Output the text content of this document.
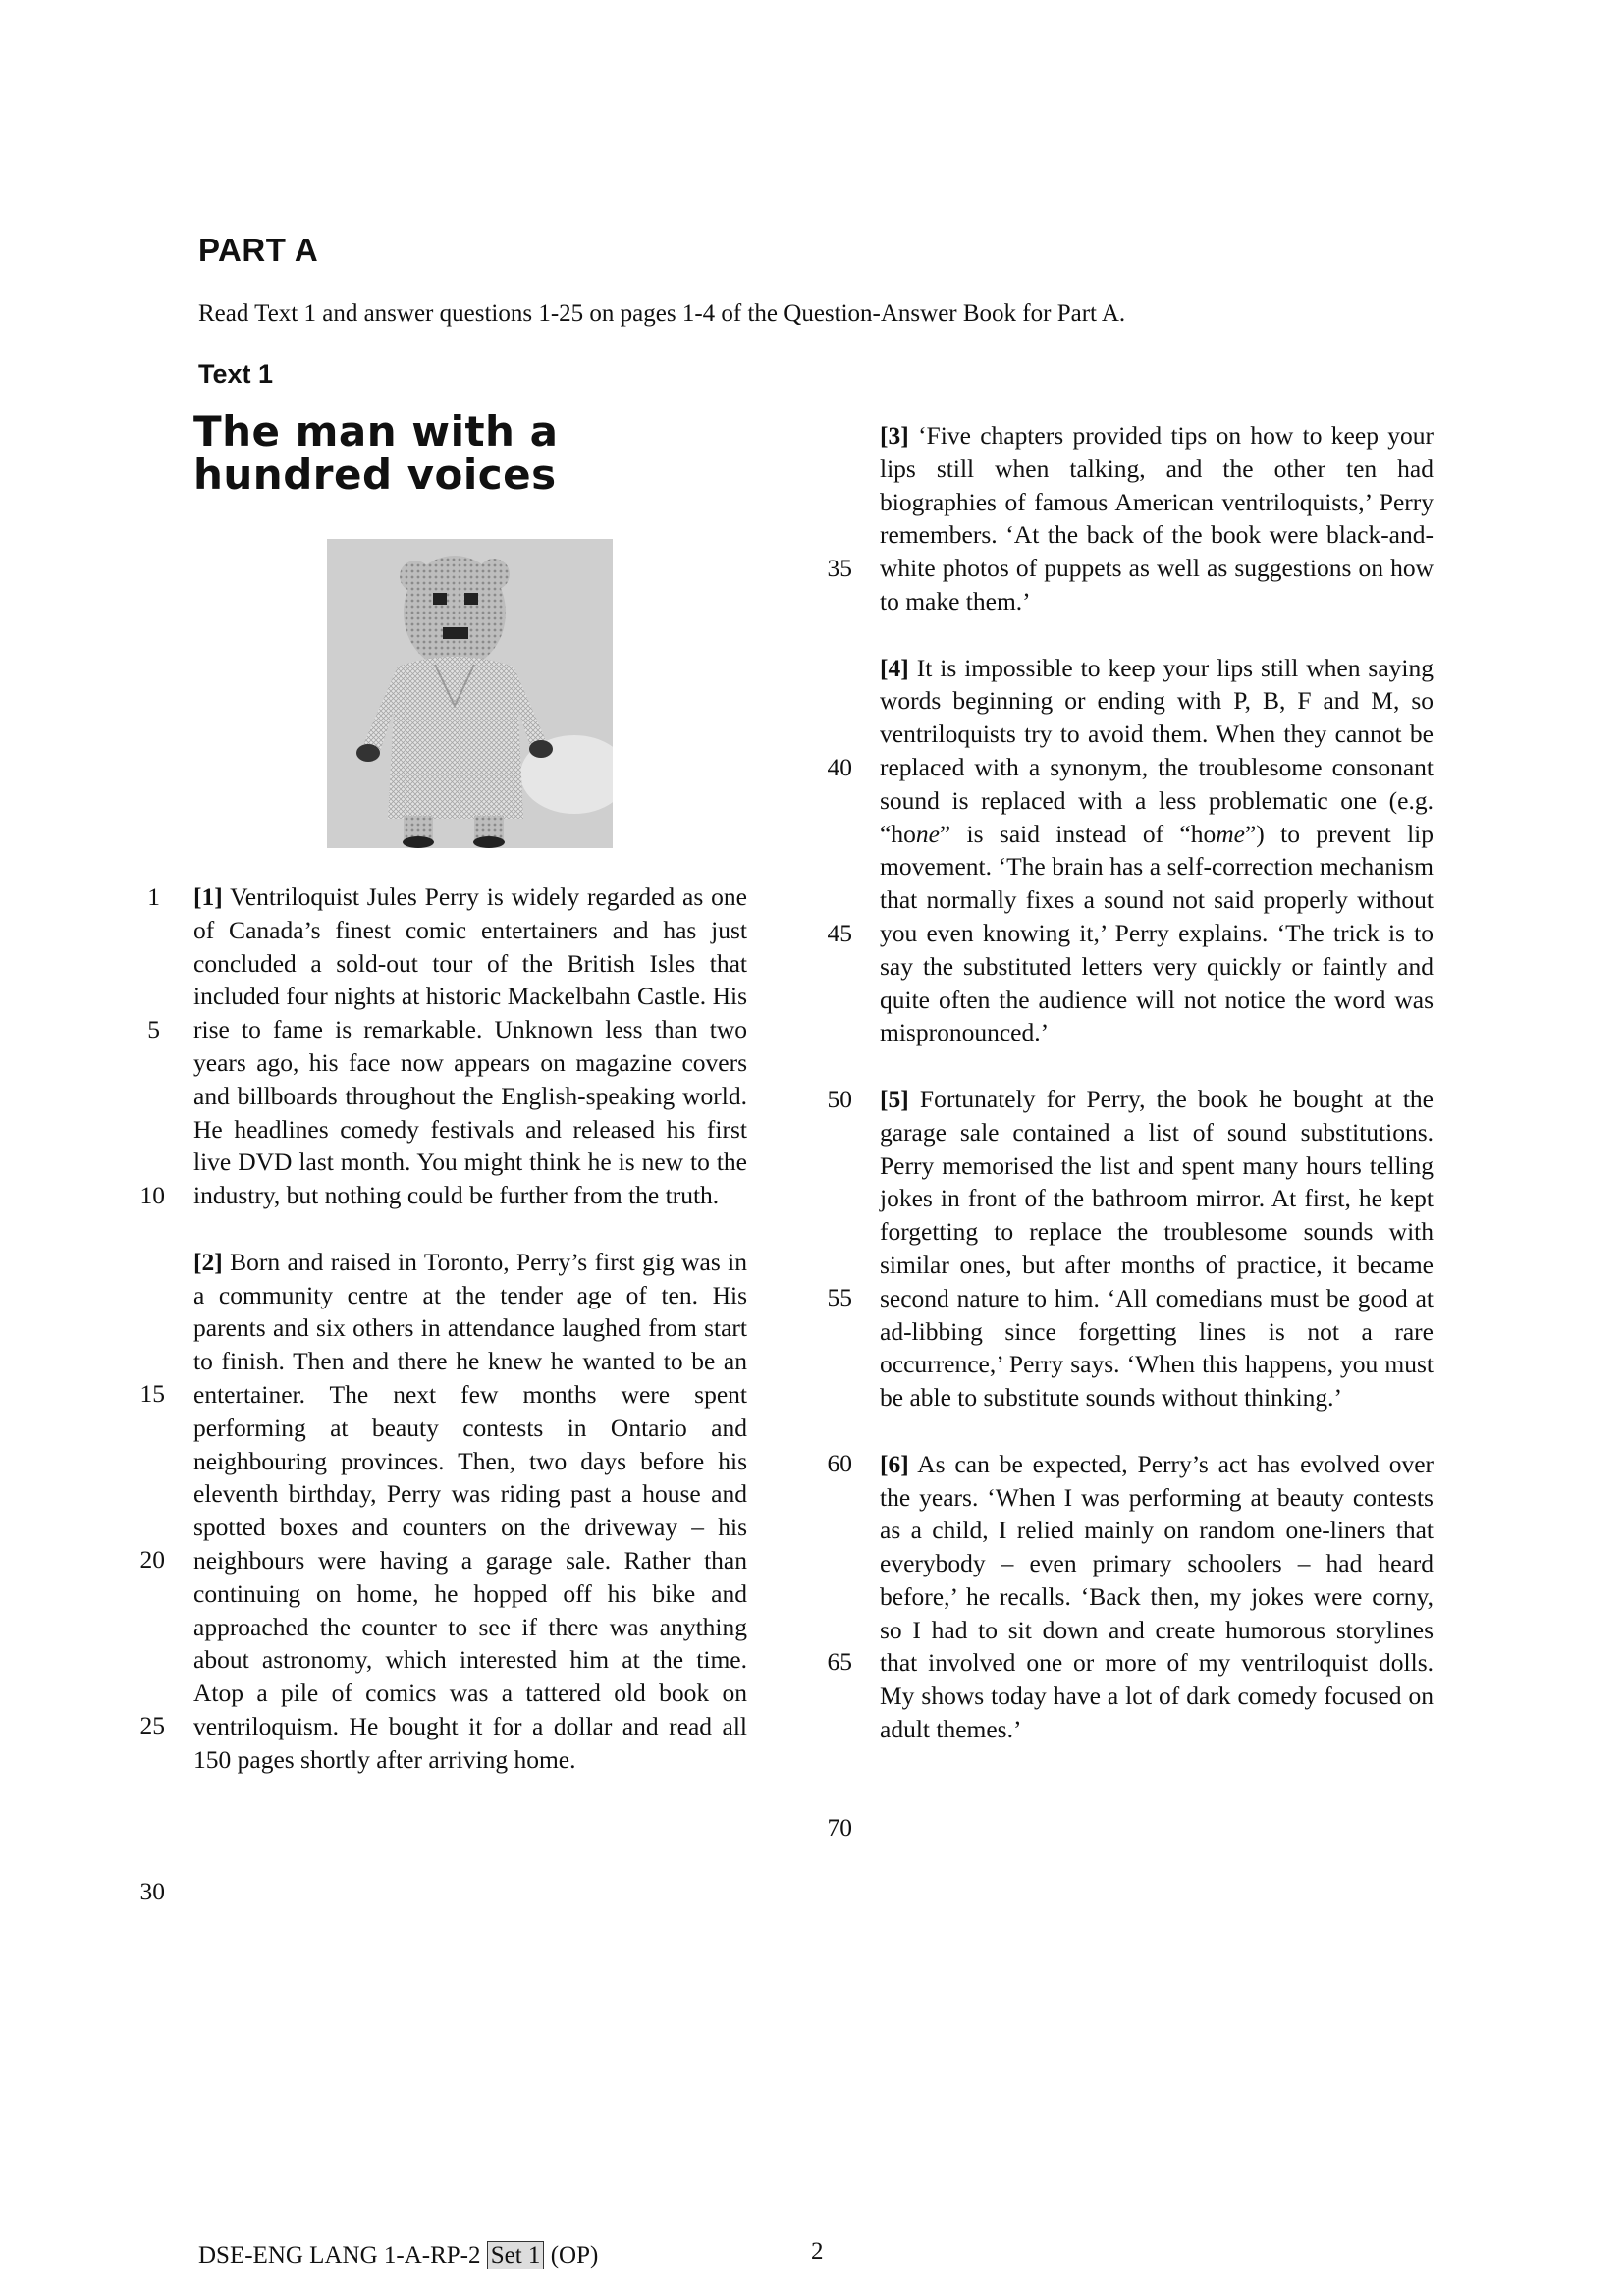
PART A
Read Text 1 and answer questions 1-25 on pages 1-4 of the Question-Answer Book for Part A.
Text 1
The man with a hundred voices
1
5
10
15
20
25
30

[1] Ventriloquist Jules Perry is widely regarded as one of Canada’s finest comic entertainers and has just concluded a sold-out tour of the British Isles that included four nights at historic Mackelbahn Castle. His rise to fame is remarkable. Unknown less than two years ago, his face now appears on magazine covers and billboards throughout the English-speaking world. He headlines comedy festivals and released his first live DVD last month. You might think he is new to the industry, but nothing could be further from the truth.

[2] Born and raised in Toronto, Perry’s first gig was in a community centre at the tender age of ten. His parents and six others in attendance laughed from start to finish. Then and there he knew he wanted to be an entertainer. The next few months were spent performing at beauty contests in Ontario and neighbouring provinces. Then, two days before his eleventh birthday, Perry was riding past a house and spotted boxes and counters on the driveway – his neighbours were having a garage sale. Rather than continuing on home, he hopped off his bike and approached the counter to see if there was anything about astronomy, which interested him at the time. Atop a pile of comics was a tattered old book on ventriloquism. He bought it for a dollar and read all 150 pages shortly after arriving home.

35
40
45
50
55
60
65
70

[3] ‘Five chapters provided tips on how to keep your lips still when talking, and the other ten had biographies of famous American ventriloquists,’ Perry remembers. ‘At the back of the book were black-and-white photos of puppets as well as suggestions on how to make them.’

[4] It is impossible to keep your lips still when saying words beginning or ending with P, B, F and M, so ventriloquists try to avoid them. When they cannot be replaced with a synonym, the troublesome consonant sound is replaced with a less problematic one (e.g. “hone” is said instead of “home”) to prevent lip movement. ‘The brain has a self-correction mechanism that normally fixes a sound not said properly without you even knowing it,’ Perry explains. ‘The trick is to say the substituted letters very quickly or faintly and quite often the audience will not notice the word was mispronounced.’

[5] Fortunately for Perry, the book he bought at the garage sale contained a list of sound substitutions. Perry memorised the list and spent many hours telling jokes in front of the bathroom mirror. At first, he kept forgetting to replace the troublesome sounds with similar ones, but after months of practice, it became second nature to him. ‘All comedians must be good at ad-libbing since forgetting lines is not a rare occurrence,’ Perry says. ‘When this happens, you must be able to substitute sounds without thinking.’

[6] As can be expected, Perry’s act has evolved over the years. ‘When I was performing at beauty contests as a child, I relied mainly on random one-liners that everybody – even primary schoolers – had heard before,’ he recalls. ‘Back then, my jokes were corny, so I had to sit down and create humorous storylines that involved one or more of my ventriloquist dolls. My shows today have a lot of dark comedy focused on adult themes.’

DSE-ENG LANG 1-A-RP-2 Set 1 (OP)	2
